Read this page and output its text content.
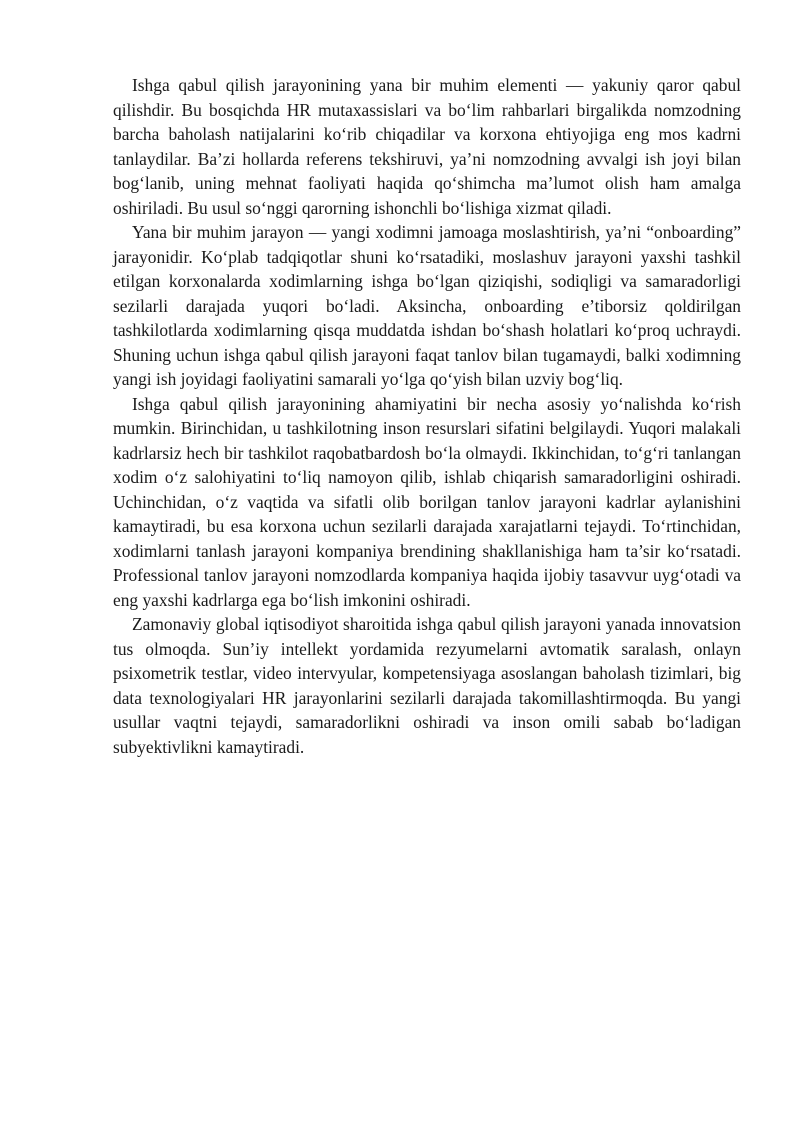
Ishga qabul qilish jarayonining yana bir muhim elementi — yakuniy qaror qabul qilishdir. Bu bosqichda HR mutaxassislari va bo‘lim rahbarlari birgalikda nomzodning barcha baholash natijalarini ko‘rib chiqadilar va korxona ehtiyojiga eng mos kadrni tanlaydilar. Ba’zi hollarda referens tekshiruvi, ya’ni nomzodning avvalgi ish joyi bilan bog‘lanib, uning mehnat faoliyati haqida qo‘shimcha ma’lumot olish ham amalga oshiriladi. Bu usul so‘nggi qarorning ishonchli bo‘lishiga xizmat qiladi.

Yana bir muhim jarayon — yangi xodimni jamoaga moslashtirish, ya’ni “onboarding” jarayonidir. Ko‘plab tadqiqotlar shuni ko‘rsatadiki, moslashuv jarayoni yaxshi tashkil etilgan korxonalarda xodimlarning ishga bo‘lgan qiziqishi, sodiqligi va samaradorligi sezilarli darajada yuqori bo‘ladi. Aksincha, onboarding e’tiborsiz qoldirilgan tashkilotlarda xodimlarning qisqa muddatda ishdan bo‘shash holatlari ko‘proq uchraydi. Shuning uchun ishga qabul qilish jarayoni faqat tanlov bilan tugamaydi, balki xodimning yangi ish joyidagi faoliyatini samarali yo‘lga qo‘yish bilan uzviy bog‘liq.

Ishga qabul qilish jarayonining ahamiyatini bir necha asosiy yo‘nalishda ko‘rish mumkin. Birinchidan, u tashkilotning inson resurslari sifatini belgilaydi. Yuqori malakali kadrlarsiz hech bir tashkilot raqobatbardosh bo‘la olmaydi. Ikkinchidan, to‘g‘ri tanlangan xodim o‘z salohiyatini to‘liq namoyon qilib, ishlab chiqarish samaradorligini oshiradi. Uchinchidan, o‘z vaqtida va sifatli olib borilgan tanlov jarayoni kadrlar aylanishini kamaytiradi, bu esa korxona uchun sezilarli darajada xarajatlarni tejaydi. To‘rtinchidan, xodimlarni tanlash jarayoni kompaniya brendining shakllanishiga ham ta’sir ko‘rsatadi. Professional tanlov jarayoni nomzodlarda kompaniya haqida ijobiy tasavvur uyg‘otadi va eng yaxshi kadrlarga ega bo‘lish imkonini oshiradi.

Zamonaviy global iqtisodiyot sharoitida ishga qabul qilish jarayoni yanada innovatsion tus olmoqda. Sun’iy intellekt yordamida rezyumelarni avtomatik saralash, onlayn psixometrik testlar, video intervyular, kompetensiyaga asoslangan baholash tizimlari, big data texnologiyalari HR jarayonlarini sezilarli darajada takomillashtirmoqda. Bu yangi usullar vaqtni tejaydi, samaradorlikni oshiradi va inson omili sabab bo‘ladigan subyektivlikni kamaytiradi.
